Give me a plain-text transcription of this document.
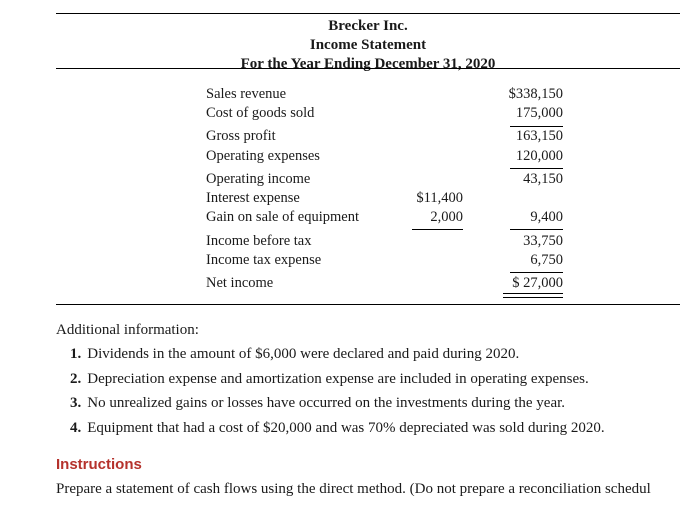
Brecker Inc.
Income Statement
For the Year Ending December 31, 2020
Sales revenue	$338,150
Cost of goods sold	175,000
Gross profit	163,150
Operating expenses	120,000
Operating income	43,150
Interest expense	$11,400
Gain on sale of equipment	2,000	9,400
Income before tax	33,750
Income tax expense	6,750
Net income	$ 27,000
Additional information:
1. Dividends in the amount of $6,000 were declared and paid during 2020.
2. Depreciation expense and amortization expense are included in operating expenses.
3. No unrealized gains or losses have occurred on the investments during the year.
4. Equipment that had a cost of $20,000 and was 70% depreciated was sold during 2020.
Instructions
Prepare a statement of cash flows using the direct method. (Do not prepare a reconciliation schedul
